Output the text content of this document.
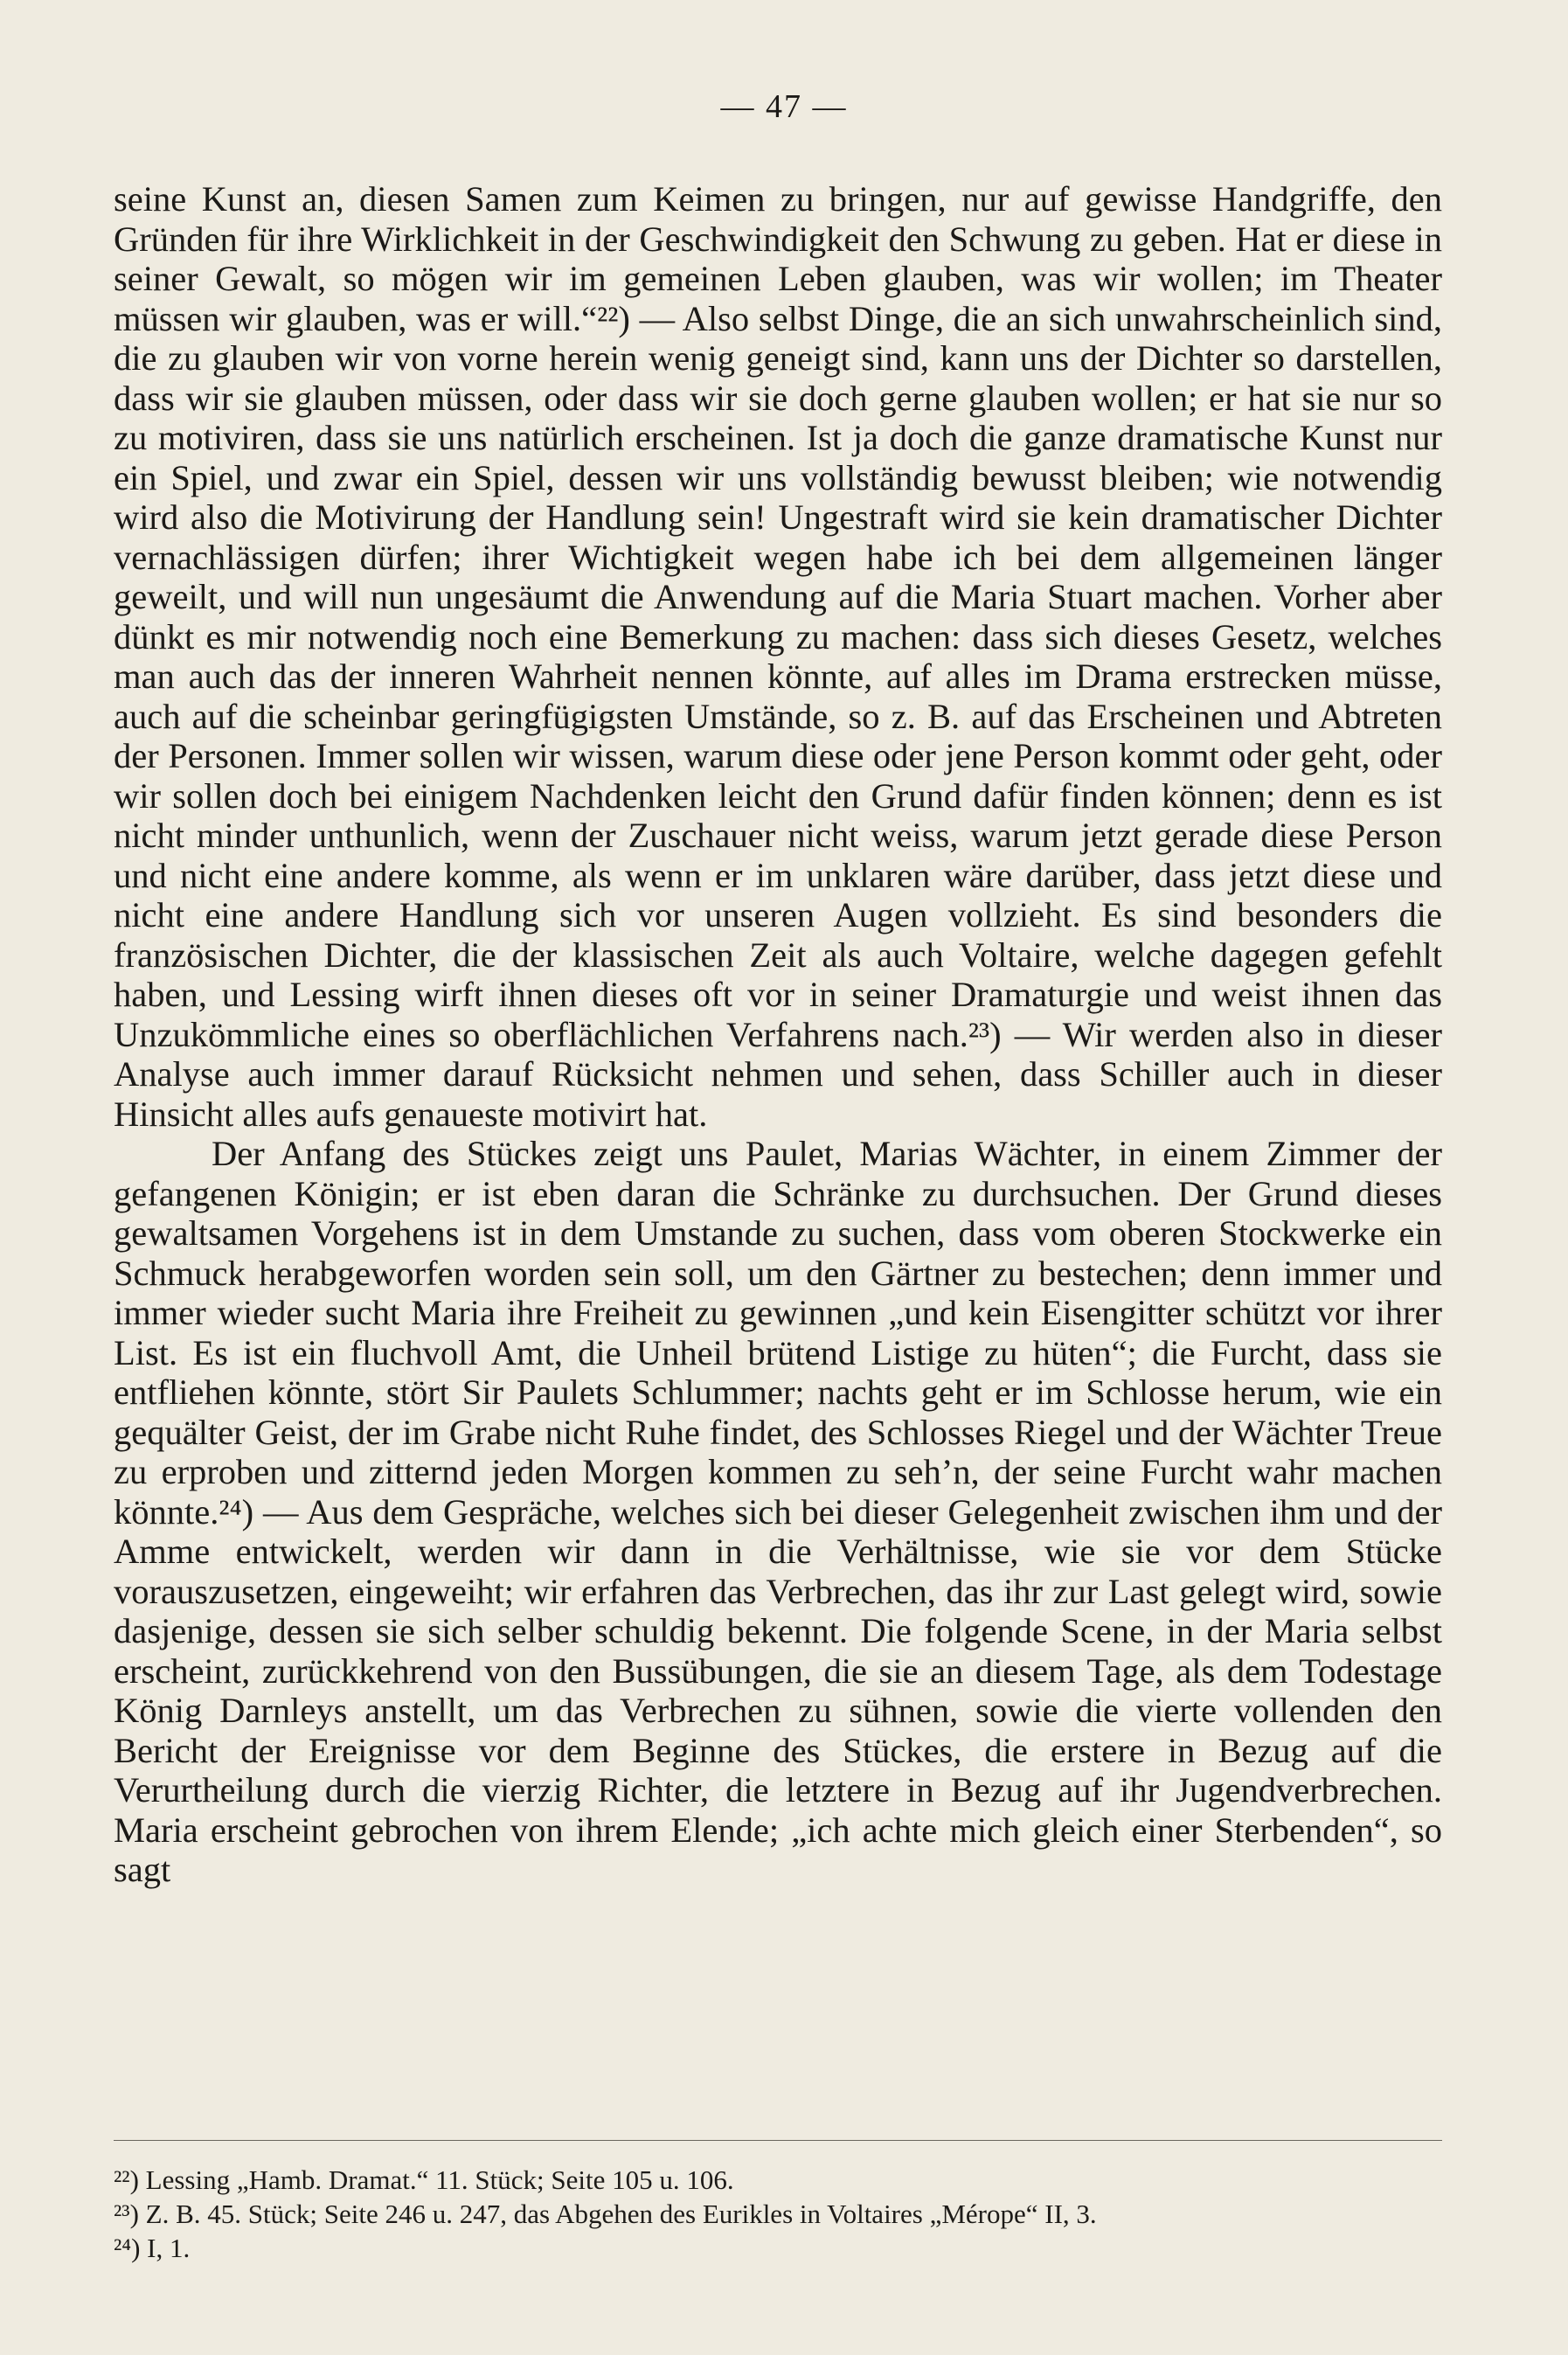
— 47 —

seine Kunst an, diesen Samen zum Keimen zu bringen, nur auf gewisse Handgriffe, den Gründen für ihre Wirklichkeit in der Geschwindigkeit den Schwung zu geben. Hat er diese in seiner Gewalt, so mögen wir im gemeinen Leben glauben, was wir wollen; im Theater müssen wir glauben, was er will.“²²) — Also selbst Dinge, die an sich unwahrscheinlich sind, die zu glauben wir von vorne herein wenig geneigt sind, kann uns der Dichter so darstellen, dass wir sie glauben müssen, oder dass wir sie doch gerne glauben wollen; er hat sie nur so zu motiviren, dass sie uns natürlich erscheinen. Ist ja doch die ganze dramatische Kunst nur ein Spiel, und zwar ein Spiel, dessen wir uns vollständig bewusst bleiben; wie notwendig wird also die Motivirung der Handlung sein! Ungestraft wird sie kein dramatischer Dichter vernachlässigen dürfen; ihrer Wichtigkeit wegen habe ich bei dem allgemeinen länger geweilt, und will nun ungesäumt die Anwendung auf die Maria Stuart machen. Vorher aber dünkt es mir notwendig noch eine Bemerkung zu machen: dass sich dieses Gesetz, welches man auch das der inneren Wahrheit nennen könnte, auf alles im Drama erstrecken müsse, auch auf die scheinbar geringfügigsten Umstände, so z. B. auf das Erscheinen und Abtreten der Personen. Immer sollen wir wissen, warum diese oder jene Person kommt oder geht, oder wir sollen doch bei einigem Nachdenken leicht den Grund dafür finden können; denn es ist nicht minder unthunlich, wenn der Zuschauer nicht weiss, warum jetzt gerade diese Person und nicht eine andere komme, als wenn er im unklaren wäre darüber, dass jetzt diese und nicht eine andere Handlung sich vor unseren Augen vollzieht. Es sind besonders die französischen Dichter, die der klassischen Zeit als auch Voltaire, welche dagegen gefehlt haben, und Lessing wirft ihnen dieses oft vor in seiner Dramaturgie und weist ihnen das Unzukömmliche eines so oberflächlichen Verfahrens nach.²³) — Wir werden also in dieser Analyse auch immer darauf Rücksicht nehmen und sehen, dass Schiller auch in dieser Hinsicht alles aufs genaueste motivirt hat.

Der Anfang des Stückes zeigt uns Paulet, Marias Wächter, in einem Zimmer der gefangenen Königin; er ist eben daran die Schränke zu durchsuchen. Der Grund dieses gewaltsamen Vorgehens ist in dem Umstande zu suchen, dass vom oberen Stockwerke ein Schmuck herabgeworfen worden sein soll, um den Gärtner zu bestechen; denn immer und immer wieder sucht Maria ihre Freiheit zu gewinnen „und kein Eisengitter schützt vor ihrer List. Es ist ein fluchvoll Amt, die Unheil brütend Listige zu hüten“; die Furcht, dass sie entfliehen könnte, stört Sir Paulets Schlummer; nachts geht er im Schlosse herum, wie ein gequälter Geist, der im Grabe nicht Ruhe findet, des Schlosses Riegel und der Wächter Treue zu erproben und zitternd jeden Morgen kommen zu seh’n, der seine Furcht wahr machen könnte.²⁴) — Aus dem Gespräche, welches sich bei dieser Gelegenheit zwischen ihm und der Amme entwickelt, werden wir dann in die Verhältnisse, wie sie vor dem Stücke vorauszusetzen, eingeweiht; wir erfahren das Verbrechen, das ihr zur Last gelegt wird, sowie dasjenige, dessen sie sich selber schuldig bekennt. Die folgende Scene, in der Maria selbst erscheint, zurückkehrend von den Bussübungen, die sie an diesem Tage, als dem Todestage König Darnleys anstellt, um das Verbrechen zu sühnen, sowie die vierte vollenden den Bericht der Ereignisse vor dem Beginne des Stückes, die erstere in Bezug auf die Verurtheilung durch die vierzig Richter, die letztere in Bezug auf ihr Jugendverbrechen. Maria erscheint gebrochen von ihrem Elende; „ich achte mich gleich einer Sterbenden“, so sagt

²²) Lessing „Hamb. Dramat.“ 11. Stück; Seite 105 u. 106.

²³) Z. B. 45. Stück; Seite 246 u. 247, das Abgehen des Eurikles in Voltaires „Mérope“ II, 3.

²⁴) I, 1.
